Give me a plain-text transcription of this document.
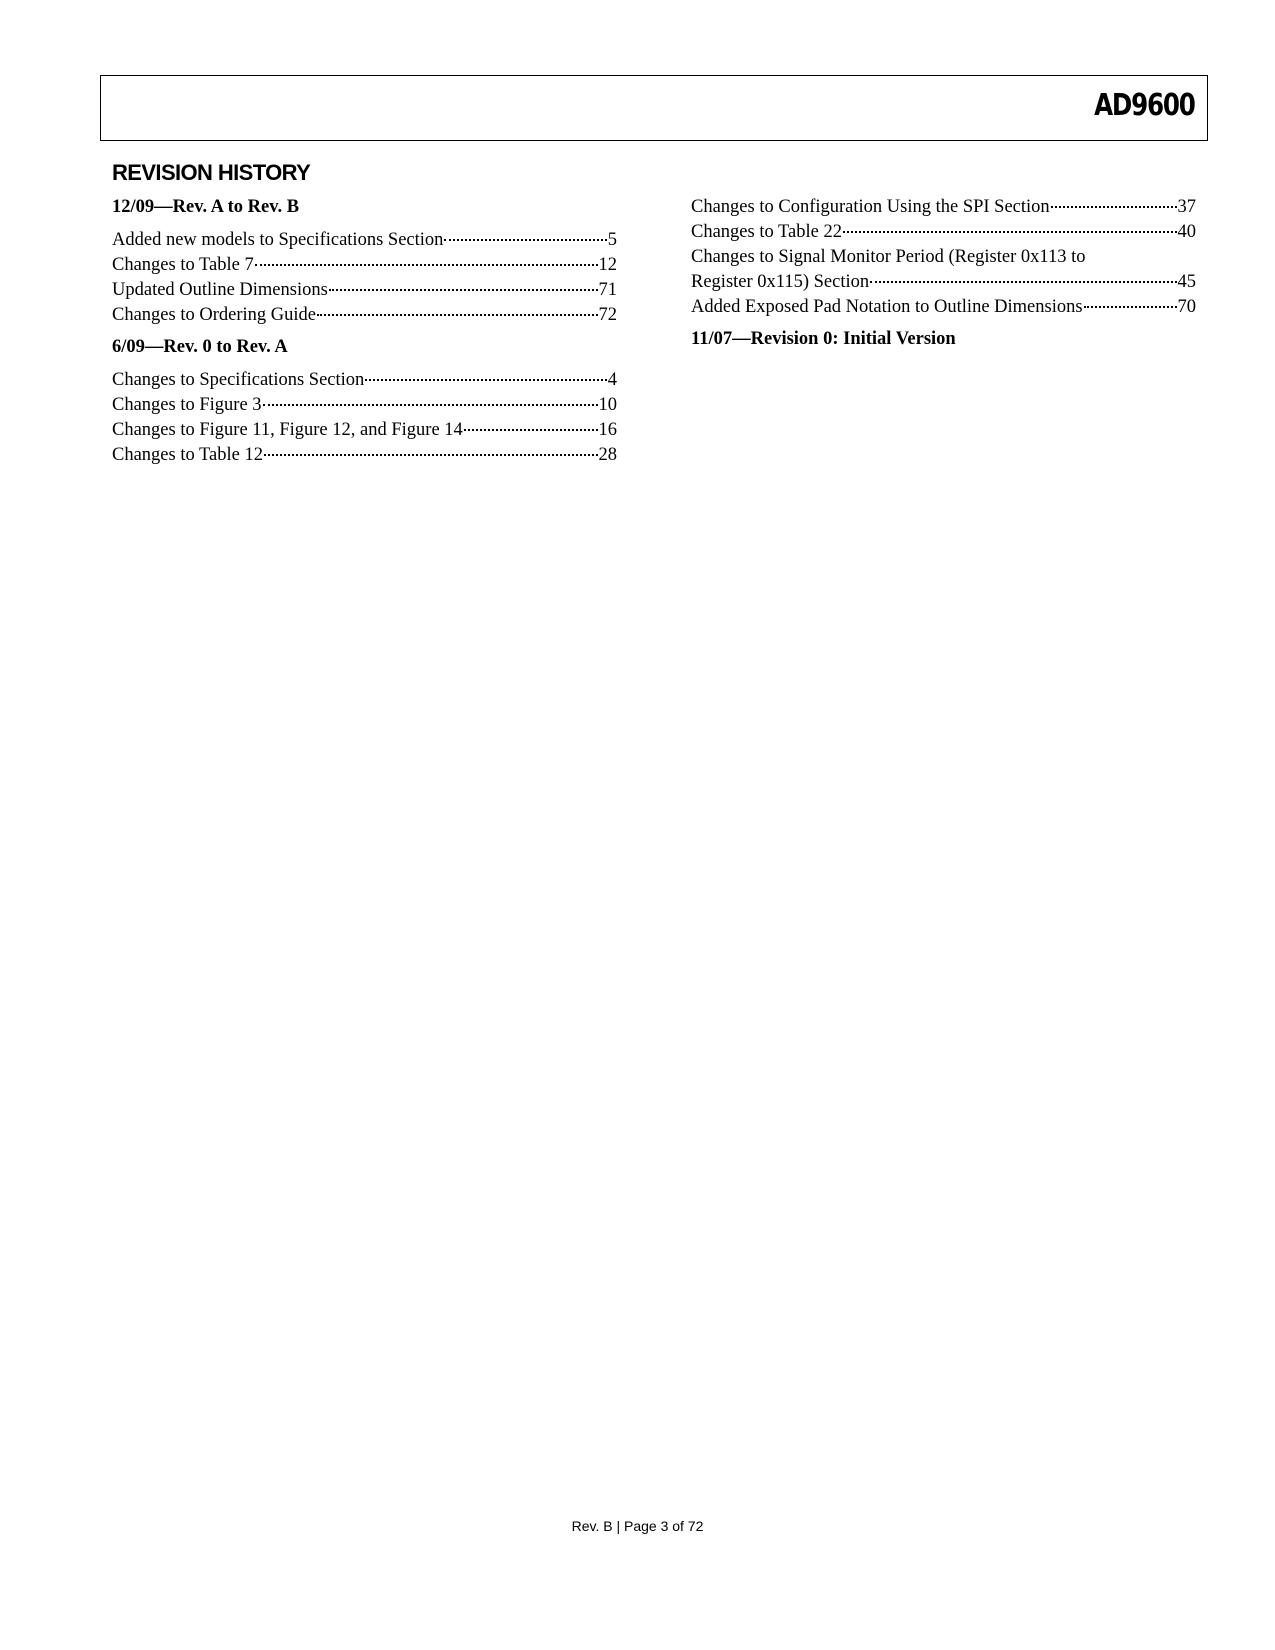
AD9600
REVISION HISTORY
12/09—Rev. A to Rev. B
Added new models to Specifications Section	5
Changes to Table 7	12
Updated Outline Dimensions	71
Changes to Ordering Guide	72
6/09—Rev. 0 to Rev. A
Changes to Specifications Section	4
Changes to Figure 3	10
Changes to Figure 11, Figure 12, and Figure 14	16
Changes to Table 12	28
Changes to Configuration Using the SPI Section	37
Changes to Table 22	40
Changes to Signal Monitor Period (Register 0x113 to
Register 0x115) Section	45
Added Exposed Pad Notation to Outline Dimensions	70
11/07—Revision 0: Initial Version
Rev. B | Page 3 of 72
